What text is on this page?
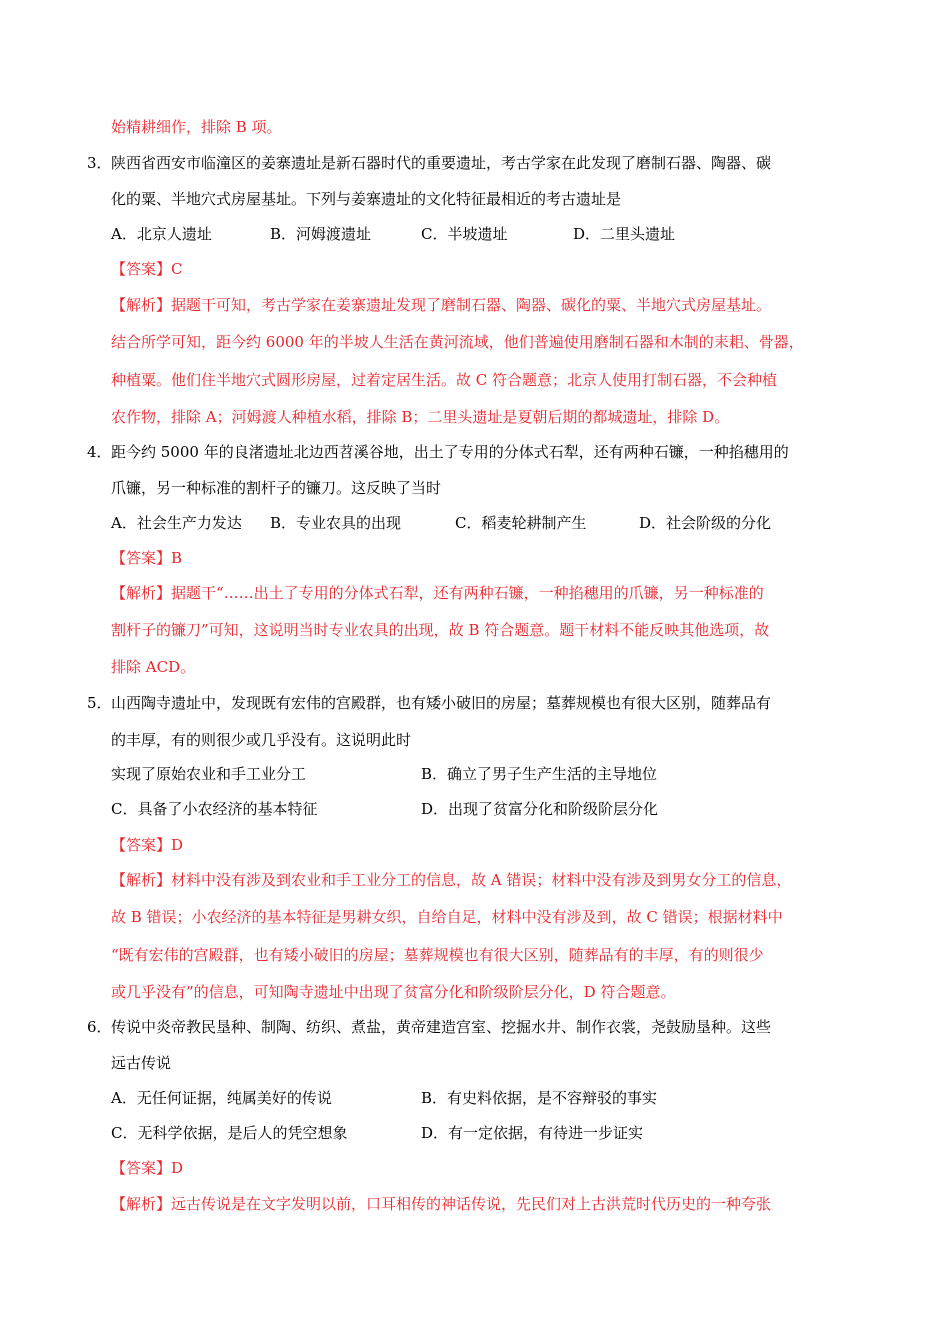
始精耕细作，排除 B 项。
3． 陕西省西安市临潼区的姜寨遗址是新石器时代的重要遗址，考古学家在此发现了磨制石器、陶器、碳
化的粟、半地穴式房屋基址。下列与姜寨遗址的文化特征最相近的考古遗址是
A．北京人遗址	B．河姆渡遗址	C．半坡遗址	D．二里头遗址
【答案】C
【解析】据题干可知，考古学家在姜寨遗址发现了磨制石器、陶器、碳化的粟、半地穴式房屋基址。
结合所学可知，距今约 6000 年的半坡人生活在黄河流域，他们普遍使用磨制石器和木制的耒耜、骨器，
种植粟。他们住半地穴式圆形房屋，过着定居生活。故 C 符合题意；北京人使用打制石器，不会种植
农作物，排除 A；河姆渡人种植水稻，排除 B；二里头遗址是夏朝后期的都城遗址，排除 D。
4． 距今约 5000 年的良渚遗址北边西苕溪谷地，出土了专用的分体式石犁，还有两种石镰，一种掐穗用的
爪镰，另一种标准的割杆子的镰刀。这反映了当时
A．社会生产力发达 B．专业农具的出现	C．稻麦轮耕制产生	D．社会阶级的分化
【答案】B
【解析】据题干“……出土了专用的分体式石犁，还有两种石镰，一种掐穗用的爪镰，另一种标准的
割杆子的镰刀”可知，这说明当时专业农具的出现，故 B 符合题意。题干材料不能反映其他选项，故
排除 ACD。
5． 山西陶寺遗址中，发现既有宏伟的宫殿群，也有矮小破旧的房屋；墓葬规模也有很大区别，随葬品有
的丰厚，有的则很少或几乎没有。这说明此时
实现了原始农业和手工业分工	B．确立了男子生产生活的主导地位
C．具备了小农经济的基本特征	D．出现了贫富分化和阶级阶层分化
【答案】D
【解析】材料中没有涉及到农业和手工业分工的信息，故 A 错误；材料中没有涉及到男女分工的信息，
故 B 错误；小农经济的基本特征是男耕女织，自给自足，材料中没有涉及到，故 C 错误；根据材料中
“既有宏伟的宫殿群，也有矮小破旧的房屋；墓葬规模也有很大区别，随葬品有的丰厚，有的则很少
或几乎没有”的信息，可知陶寺遗址中出现了贫富分化和阶级阶层分化，D 符合题意。
6． 传说中炎帝教民垦种、制陶、纺织、煮盐，黄帝建造宫室、挖掘水井、制作衣裳，尧鼓励垦种。这些
远古传说
A．无任何证据，纯属美好的传说	B．有史料依据，是不容辩驳的事实
C．无科学依据，是后人的凭空想象	D．有一定依据，有待进一步证实
【答案】D
【解析】远古传说是在文字发明以前，口耳相传的神话传说，先民们对上古洪荒时代历史的一种夸张
